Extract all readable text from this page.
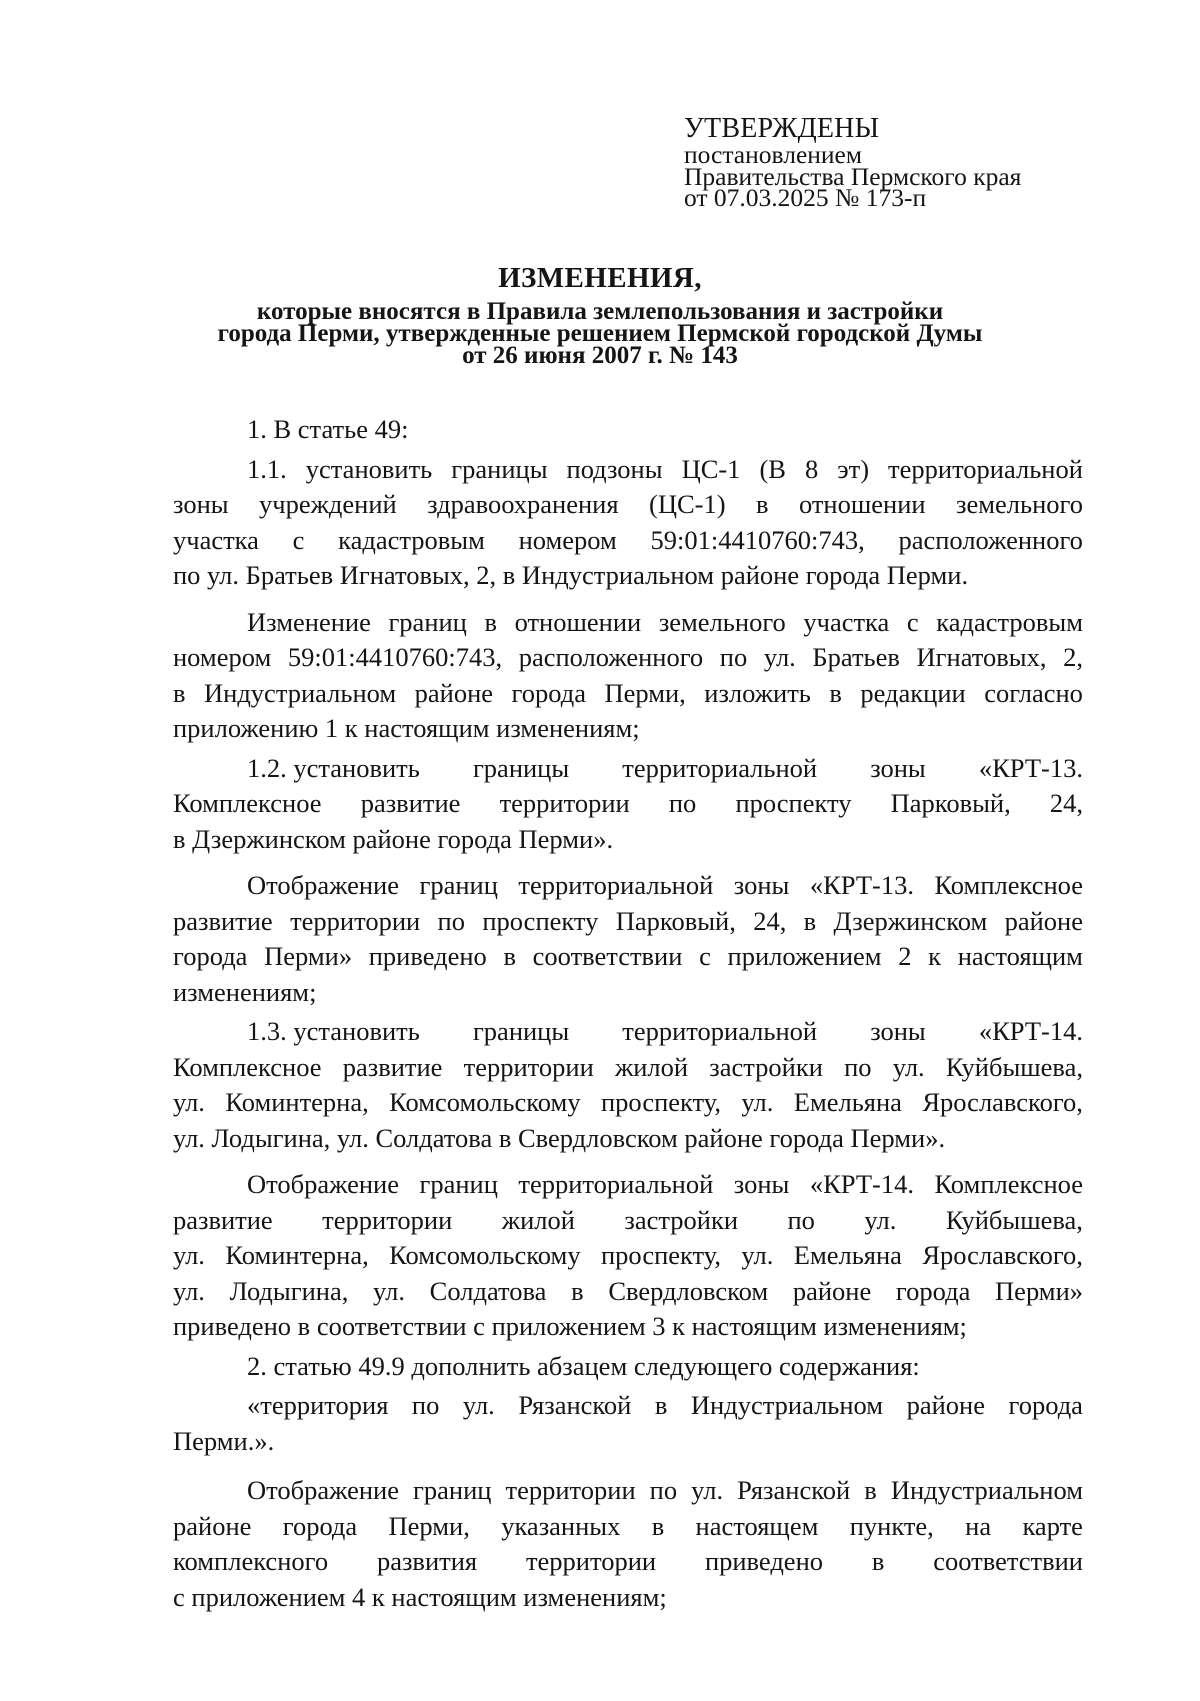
УТВЕРЖДЕНЫ
постановлением
Правительства Пермского края
от 07.03.2025 № 173-п
ИЗМЕНЕНИЯ,
которые вносятся в Правила землепользования и застройки
города Перми, утвержденные решением Пермской городской Думы
от 26 июня 2007 г. № 143

1. В статье 49:

1.1. установить границы подзоны ЦС-1 (В 8 эт) территориальной
зоны учреждений здравоохранения (ЦС-1) в отношении земельного
участка с кадастровым номером 59:01:4410760:743, расположенного
по ул. Братьев Игнатовых, 2, в Индустриальном районе города Перми.

Изменение границ в отношении земельного участка с кадастровым
номером 59:01:4410760:743, расположенного по ул. Братьев Игнатовых, 2,
в Индустриальном районе города Перми, изложить в редакции согласно
приложению 1 к настоящим изменениям;

1.2. установить границы территориальной зоны «КРТ-13.
Комплексное развитие территории по проспекту Парковый, 24,
в Дзержинском районе города Перми».

Отображение границ территориальной зоны «КРТ-13. Комплексное
развитие территории по проспекту Парковый, 24, в Дзержинском районе
города Перми» приведено в соответствии с приложением 2 к настоящим
изменениям;

1.3. установить границы территориальной зоны «КРТ-14.
Комплексное развитие территории жилой застройки по ул. Куйбышева,
ул. Коминтерна, Комсомольскому проспекту, ул. Емельяна Ярославского,
ул. Лодыгина, ул. Солдатова в Свердловском районе города Перми».

Отображение границ территориальной зоны «КРТ-14. Комплексное
развитие территории жилой застройки по ул. Куйбышева,
ул. Коминтерна, Комсомольскому проспекту, ул. Емельяна Ярославского,
ул. Лодыгина, ул. Солдатова в Свердловском районе города Перми»
приведено в соответствии с приложением 3 к настоящим изменениям;

2. статью 49.9 дополнить абзацем следующего содержания:

«территория по ул. Рязанской в Индустриальном районе города
Перми.».

Отображение границ территории по ул. Рязанской в Индустриальном
районе города Перми, указанных в настоящем пункте, на карте
комплексного развития территории приведено в соответствии
с приложением 4 к настоящим изменениям;
